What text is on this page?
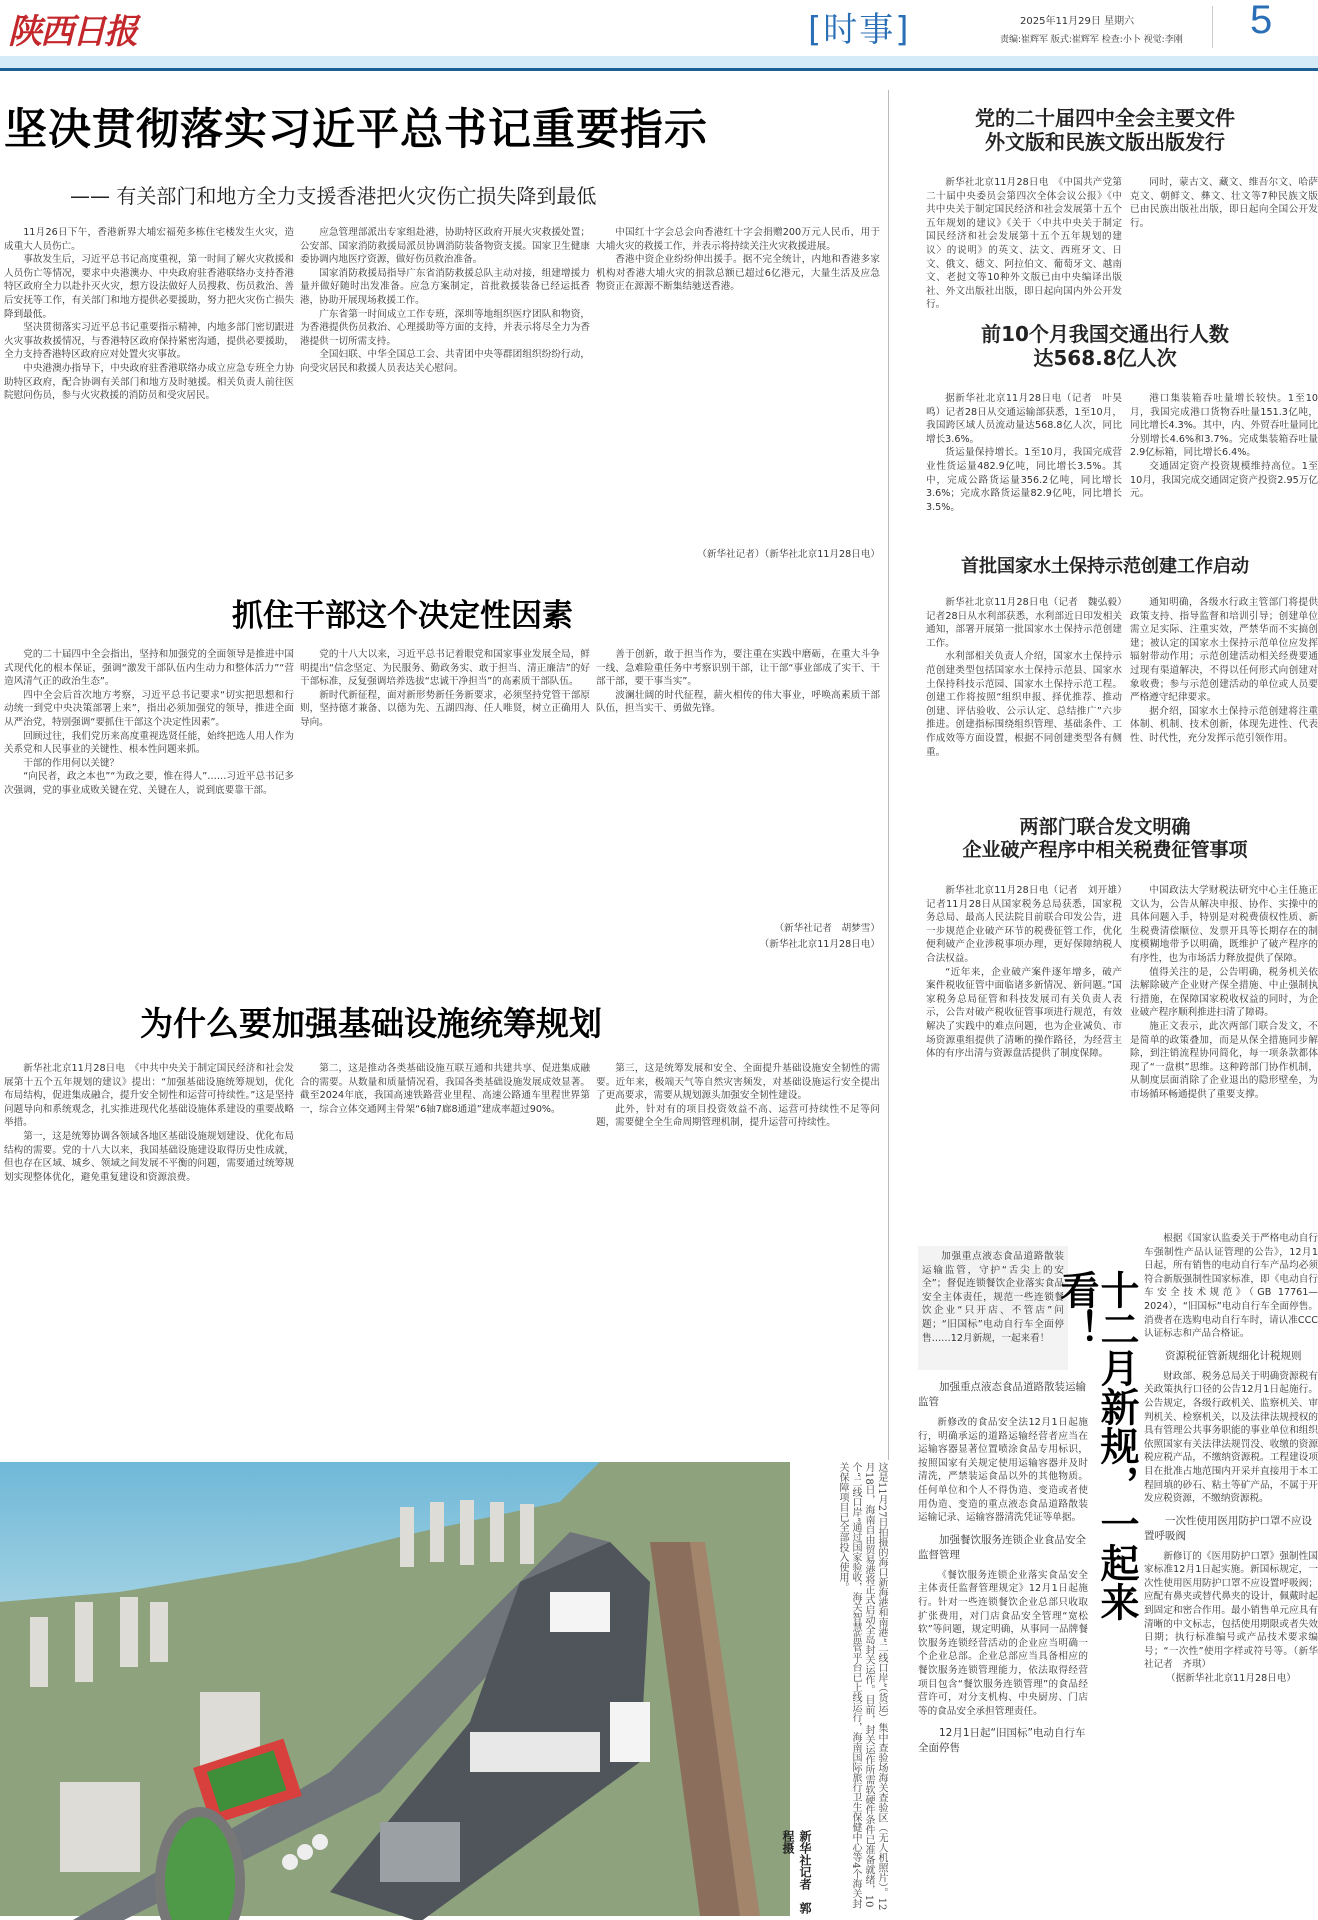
陕西日报	[时事]	2025年11月29日 星期六
责编:崔辉军 版式:崔辉军 检查:小卜 视觉:李刚 5
坚决贯彻落实习近平总书记重要指示
—— 有关部门和地方全力支援香港把火灾伤亡损失降到最低

11月26日下午，香港新界大埔宏福苑多栋住宅楼发生火灾，造成重大人员伤亡。

事故发生后，习近平总书记高度重视，第一时间了解火灾救援和人员伤亡等情况，要求中央港澳办、中央政府驻香港联络办支持香港特区政府全力以赴扑灭火灾，想方设法做好人员搜救、伤员救治、善后安抚等工作，有关部门和地方提供必要援助，努力把火灾伤亡损失降到最低。

坚决贯彻落实习近平总书记重要指示精神，内地多部门密切跟进火灾事故救援情况，与香港特区政府保持紧密沟通，提供必要援助，全力支持香港特区政府应对处置火灾事故。

中央港澳办指导下，中央政府驻香港联络办成立应急专班全力协助特区政府，配合协调有关部门和地方及时驰援。相关负责人前往医院慰问伤员，参与火灾救援的消防员和受灾居民。

应急管理部派出专家组赴港，协助特区政府开展火灾救援处置；公安部、国家消防救援局派员协调消防装备物资支援。国家卫生健康委协调内地医疗资源，做好伤员救治准备。

国家消防救援局指导广东省消防救援总队主动对接，组建增援力量并做好随时出发准备。应急方案制定，首批救援装备已经运抵香港，协助开展现场救援工作。

广东省第一时间成立工作专班，深圳等地组织医疗团队和物资，为香港提供伤员救治、心理援助等方面的支持，并表示将尽全力为香港提供一切所需支持。

全国妇联、中华全国总工会、共青团中央等群团组织纷纷行动，向受灾居民和救援人员表达关心慰问。

中国红十字会总会向香港红十字会捐赠200万元人民币，用于大埔火灾的救援工作，并表示将持续关注火灾救援进展。

香港中资企业纷纷伸出援手。据不完全统计，内地和香港多家机构对香港大埔火灾的捐款总额已超过6亿港元，大量生活及应急物资正在源源不断集结驰送香港。

（新华社记者）（新华社北京11月28日电）
抓住干部这个决定性因素

党的二十届四中全会指出，坚持和加强党的全面领导是推进中国式现代化的根本保证，强调“激发干部队伍内生动力和整体活力”“营造风清气正的政治生态”。

四中全会后首次地方考察，习近平总书记要求“切实把思想和行动统一到党中央决策部署上来”，指出必须加强党的领导，推进全面从严治党，特别强调“要抓住干部这个决定性因素”。

回顾过往，我们党历来高度重视选贤任能，始终把选人用人作为关系党和人民事业的关键性、根本性问题来抓。

干部的作用何以关键？

“向民者，政之本也”“为政之要，惟在得人”……习近平总书记多次强调，党的事业成败关键在党、关键在人，说到底要靠干部。

党的十八大以来，习近平总书记着眼党和国家事业发展全局，鲜明提出“信念坚定、为民服务、勤政务实、敢于担当、清正廉洁”的好干部标准，反复强调培养选拔“忠诚干净担当”的高素质干部队伍。

新时代新征程，面对新形势新任务新要求，必须坚持党管干部原则，坚持德才兼备、以德为先、五湖四海、任人唯贤，树立正确用人导向。

善于创新，敢于担当作为，要注重在实践中磨砺，在重大斗争一线、急难险重任务中考察识别干部，让干部“事业部成了实干、干部干部，要干事当实”。

波澜壮阔的时代征程，薪火相传的伟大事业，呼唤高素质干部队伍，担当实干、勇做先锋。

（新华社记者　胡梦雪）
（新华社北京11月28日电）
为什么要加强基础设施统筹规划

新华社北京11月28日电　《中共中央关于制定国民经济和社会发展第十五个五年规划的建议》提出：“加强基础设施统筹规划，优化布局结构，促进集成融合，提升安全韧性和运营可持续性。”这是坚持问题导向和系统观念，扎实推进现代化基础设施体系建设的重要战略举措。

第一，这是统筹协调各领域各地区基础设施规划建设、优化布局结构的需要。党的十八大以来，我国基础设施建设取得历史性成就，但也存在区域、城乡、领域之间发展不平衡的问题，需要通过统筹规划实现整体优化，避免重复建设和资源浪费。

第二，这是推动各类基础设施互联互通和共建共享、促进集成融合的需要。从数量和质量情况看，我国各类基础设施发展成效显著。截至2024年底，我国高速铁路营业里程、高速公路通车里程世界第一，综合立体交通网主骨架“6轴7廊8通道”建成率超过90%。

第三，这是统筹发展和安全、全面提升基础设施安全韧性的需要。近年来，极端天气等自然灾害频发，对基础设施运行安全提出了更高要求，需要从规划源头加强安全韧性建设。

此外，针对有的项目投资效益不高、运营可持续性不足等问题，需要健全全生命周期管理机制，提升运营可持续性。

这是11月27日拍摄的海口新海港和南港“二线口岸”（货运）集中查验场海关查验区（无人机照片）。12月18日，海南自由贸易港将正式启动全岛封关运作。目前，封关运作所需软硬件条件已准备就绪，10个“二线口岸”通过国家验收，海关智慧监管平台已上线运行，海南国际旅行卫生保健中心等4个海关封关保障项目已全部投入使用。
新华社记者　郭程摄
党的二十届四中全会主要文件
外文版和民族文版出版发行

新华社北京11月28日电　《中国共产党第二十届中央委员会第四次全体会议公报》《中共中央关于制定国民经济和社会发展第十五个五年规划的建议》《关于〈中共中央关于制定国民经济和社会发展第十五个五年规划的建议〉的说明》的英文、法文、西班牙文、日文、俄文、德文、阿拉伯文、葡萄牙文、越南文、老挝文等10种外文版已由中央编译出版社、外文出版社出版，即日起向国内外公开发行。

同时，蒙古文、藏文、维吾尔文、哈萨克文、朝鲜文、彝文、壮文等7种民族文版已由民族出版社出版，即日起向全国公开发行。

前10个月我国交通出行人数
达568.8亿人次

据新华社北京11月28日电（记者　叶昊鸣）记者28日从交通运输部获悉，1至10月，我国跨区域人员流动量达568.8亿人次，同比增长3.6%。

货运量保持增长。1至10月，我国完成营业性货运量482.9亿吨，同比增长3.5%。其中，完成公路货运量356.2亿吨，同比增长3.6%；完成水路货运量82.9亿吨，同比增长3.5%。

港口集装箱吞吐量增长较快。1至10月，我国完成港口货物吞吐量151.3亿吨，同比增长4.3%。其中，内、外贸吞吐量同比分别增长4.6%和3.7%。完成集装箱吞吐量2.9亿标箱，同比增长6.4%。

交通固定资产投资规模维持高位。1至10月，我国完成交通固定资产投资2.95万亿元。

首批国家水土保持示范创建工作启动

新华社北京11月28日电（记者　魏弘毅）记者28日从水利部获悉，水利部近日印发相关通知，部署开展第一批国家水土保持示范创建工作。

水利部相关负责人介绍，国家水土保持示范创建类型包括国家水土保持示范县、国家水土保持科技示范园、国家水土保持示范工程。创建工作将按照“组织申报、择优推荐、推动创建、评估验收、公示认定、总结推广”六步推进。创建指标围绕组织管理、基础条件、工作成效等方面设置，根据不同创建类型各有侧重。

通知明确，各级水行政主管部门将提供政策支持、指导监督和培训引导；创建单位需立足实际、注重实效，严禁华而不实搞创建；被认定的国家水土保持示范单位应发挥辐射带动作用；示范创建活动相关经费要通过现有渠道解决，不得以任何形式向创建对象收费；参与示范创建活动的单位或人员要严格遵守纪律要求。

据介绍，国家水土保持示范创建将注重体制、机制、技术创新，体现先进性、代表性、时代性，充分发挥示范引领作用。

两部门联合发文明确
企业破产程序中相关税费征管事项

新华社北京11月28日电（记者　刘开雄）记者11月28日从国家税务总局获悉，国家税务总局、最高人民法院目前联合印发公告，进一步规范企业破产环节的税费征管工作，优化便利破产企业涉税事项办理，更好保障纳税人合法权益。

“近年来，企业破产案件逐年增多，破产案件税收征管中面临诸多新情况、新问题。”国家税务总局征管和科技发展司有关负责人表示，公告对破产税收征管事项进行规范，有效解决了实践中的难点问题，也为企业减负、市场资源重组提供了清晰的操作路径，为经营主体的有序出清与资源盘活提供了制度保障。

中国政法大学财税法研究中心主任施正文认为，公告从解决申报、协作、实操中的具体问题入手，特别是对税费债权性质、新生税费清偿顺位、发票开具等长期存在的制度模糊地带予以明确，既维护了破产程序的有序性，也为市场活力释放提供了保障。

值得关注的是，公告明确，税务机关依法解除破产企业财产保全措施、中止强制执行措施，在保障国家税收权益的同时，为企业破产程序顺利推进扫清了障碍。

施正文表示，此次两部门联合发文，不是简单的政策叠加，而是从保全措施同步解除，到注销流程协同简化，每一项条款都体现了“一盘棋”思维。这种跨部门协作机制，从制度层面消除了企业退出的隐形壁垒，为市场循环畅通提供了重要支撑。

加强重点液态食品道路散装运输监管，守护“舌尖上的安全”；督促连锁餐饮企业落实食品安全主体责任，规范一些连锁餐饮企业“只开店、不管店”问题；“旧国标”电动自行车全面停售……12月新规，一起来看！	十二月新规，一起来看！
加强重点液态食品道路散装运输监管
新修改的食品安全法12月1日起施行，明确承运的道路运输经营者应当在运输容器显著位置喷涂食品专用标识，按照国家有关规定使用运输容器并及时清洗，严禁装运食品以外的其他物质。任何单位和个人不得伪造、变造或者使用伪造、变造的重点液态食品道路散装运输记录、运输容器清洗凭证等单据。
加强餐饮服务连锁企业食品安全监督管理
《餐饮服务连锁企业落实食品安全主体责任监督管理规定》12月1日起施行。针对一些连锁餐饮企业总部只收取扩张费用，对门店食品安全管理“宽松软”等问题，规定明确，从事同一品牌餐饮服务连锁经营活动的企业应当明确一个企业总部。企业总部应当具备相应的餐饮服务连锁管理能力，依法取得经营项目包含“餐饮服务连锁管理”的食品经营许可，对分支机构、中央厨房、门店等的食品安全承担管理责任。
12月1日起“旧国标”电动自行车全面停售
根据《国家认监委关于严格电动自行车强制性产品认证管理的公告》，12月1日起，所有销售的电动自行车产品均必须符合新版强制性国家标准，即《电动自行车安全技术规范》（GB 17761—2024），“旧国标”电动自行车全面停售。消费者在选购电动自行车时，请认准CCC认证标志和产品合格证。
资源税征管新规细化计税规则
财政部、税务总局关于明确资源税有关政策执行口径的公告12月1日起施行。公告规定，各级行政机关、监察机关、审判机关、检察机关，以及法律法规授权的具有管理公共事务职能的事业单位和组织依照国家有关法律法规罚没、收缴的资源税应税产品，不缴纳资源税。工程建设项目在批准占地范围内开采并直接用于本工程回填的砂石、粘土等矿产品，不属于开发应税资源，不缴纳资源税。
一次性使用医用防护口罩不应设置呼吸阀
新修订的《医用防护口罩》强制性国家标准12月1日起实施。新国标规定，一次性使用医用防护口罩不应设置呼吸阀；应配有鼻夹或替代鼻夹的设计，佩戴时起到固定和密合作用。最小销售单元应具有清晰的中文标志，包括使用期限或者失效日期；执行标准编号或产品技术要求编号；“一次性”使用字样或符号等。（新华社记者　齐琪）
（据新华社北京11月28日电）
